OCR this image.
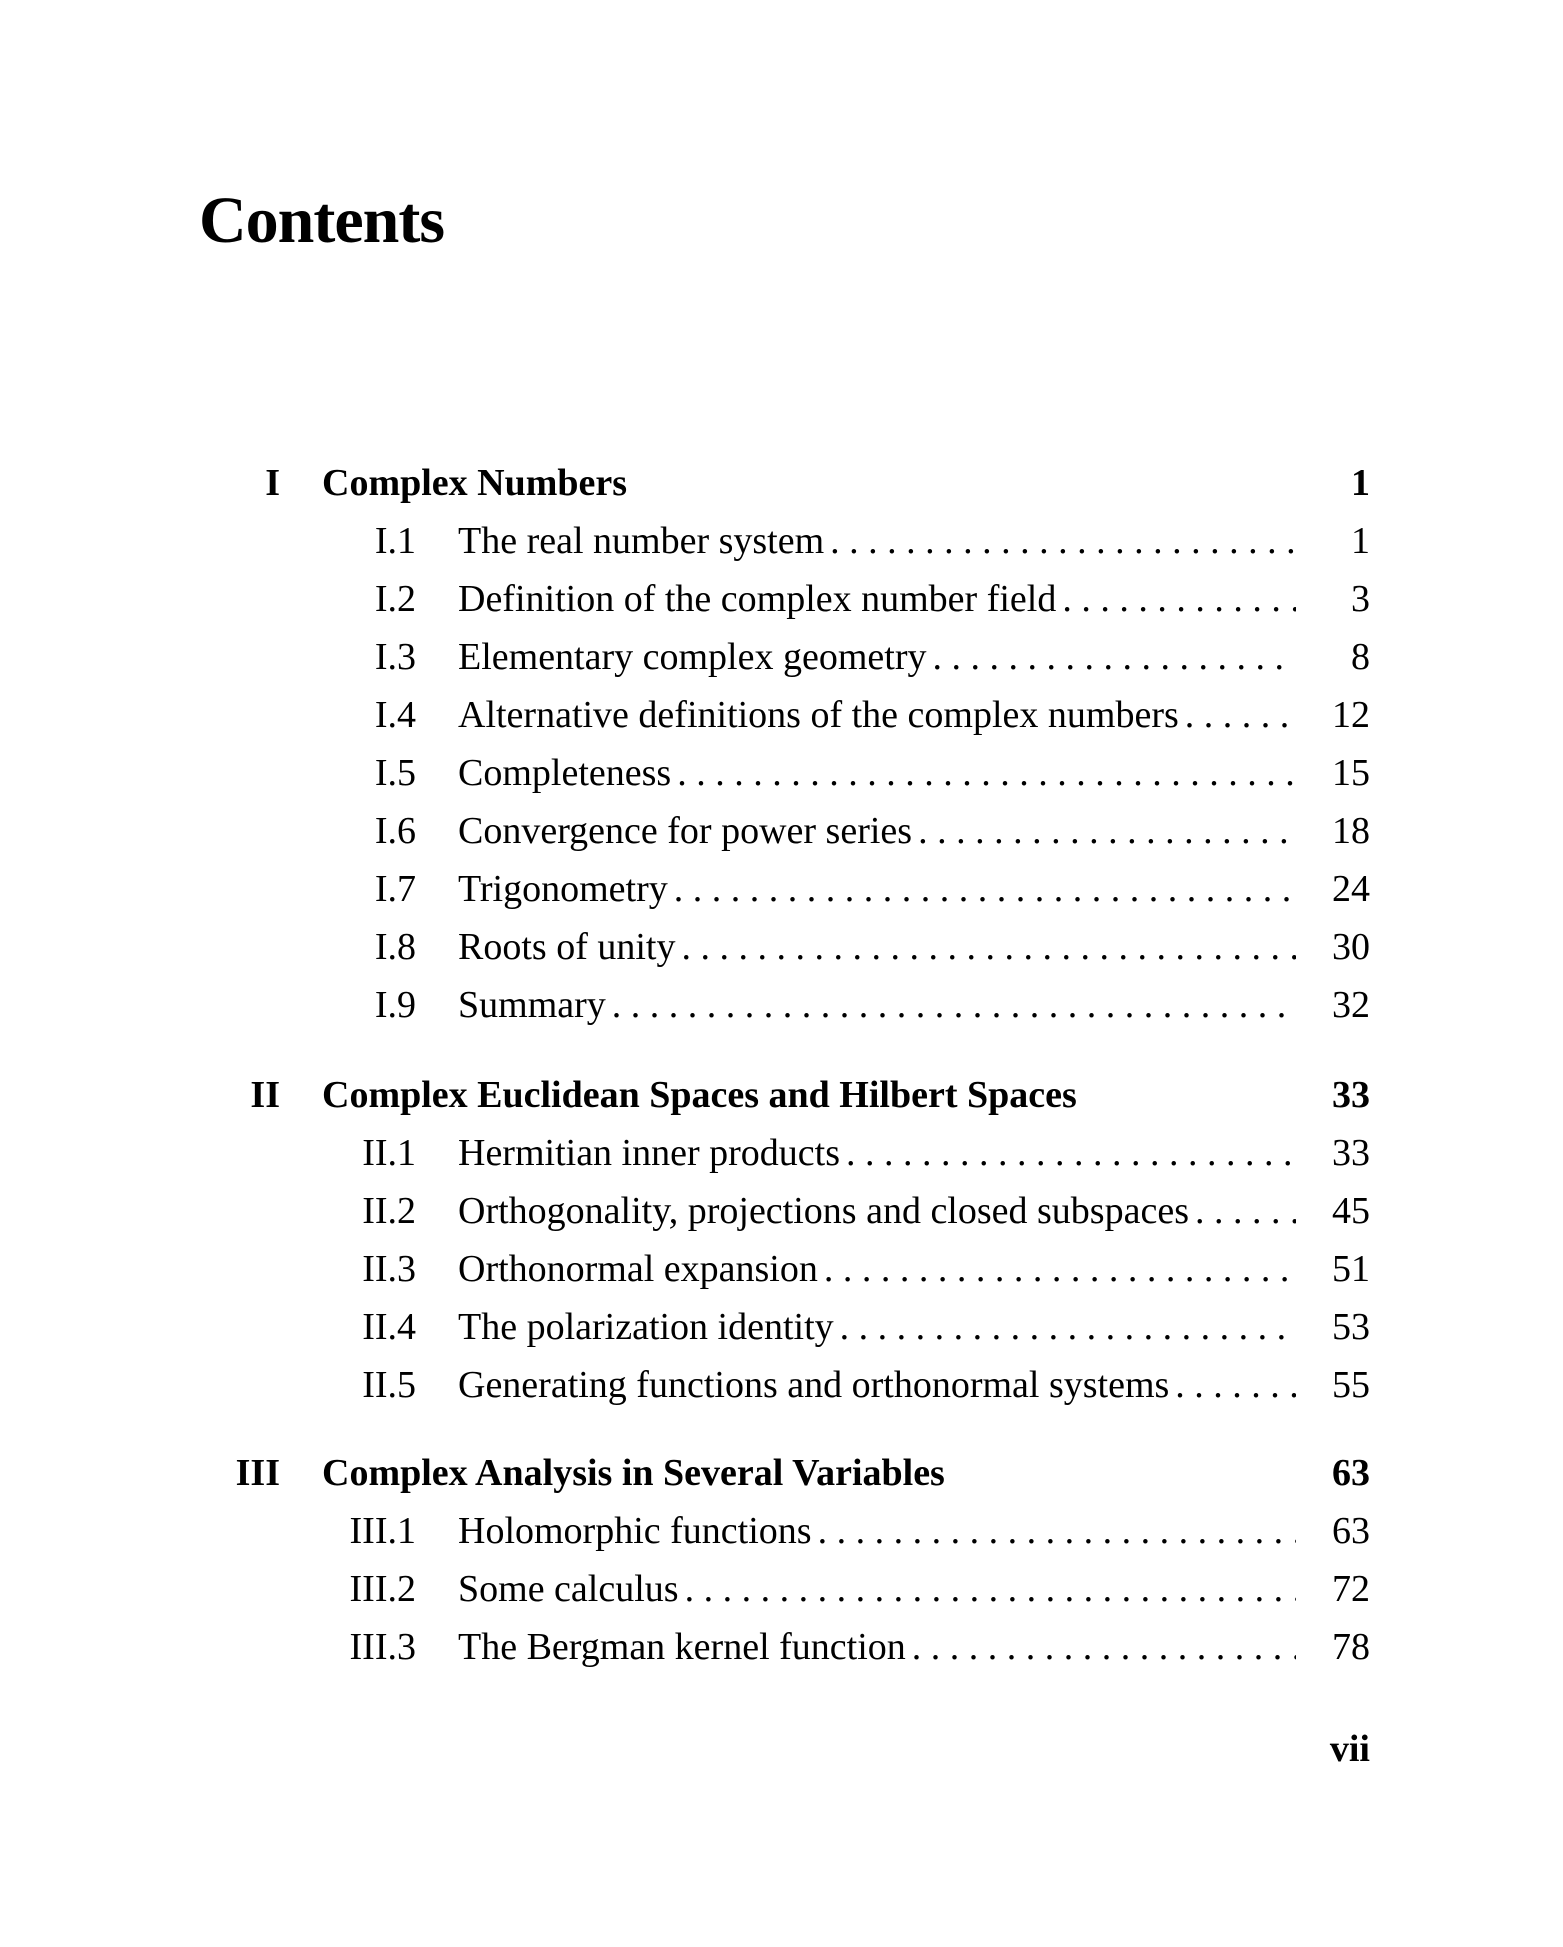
Contents
I Complex Numbers	1
I.1 The real number system . . .	1
I.2 Definition of the complex number field . . .	3
I.3 Elementary complex geometry . . .	8
I.4 Alternative definitions of the complex numbers . . .	12
I.5 Completeness . . .	15
I.6 Convergence for power series . . .	18
I.7 Trigonometry . . .	24
I.8 Roots of unity . . .	30
I.9 Summary . . .	32
II Complex Euclidean Spaces and Hilbert Spaces	33
II.1 Hermitian inner products . . .	33
II.2 Orthogonality, projections and closed subspaces . . .	45
II.3 Orthonormal expansion . . .	51
II.4 The polarization identity . . .	53
II.5 Generating functions and orthonormal systems . . .	55
III Complex Analysis in Several Variables	63
III.1 Holomorphic functions . . .	63
III.2 Some calculus . . .	72
III.3 The Bergman kernel function . . .	78
vii
